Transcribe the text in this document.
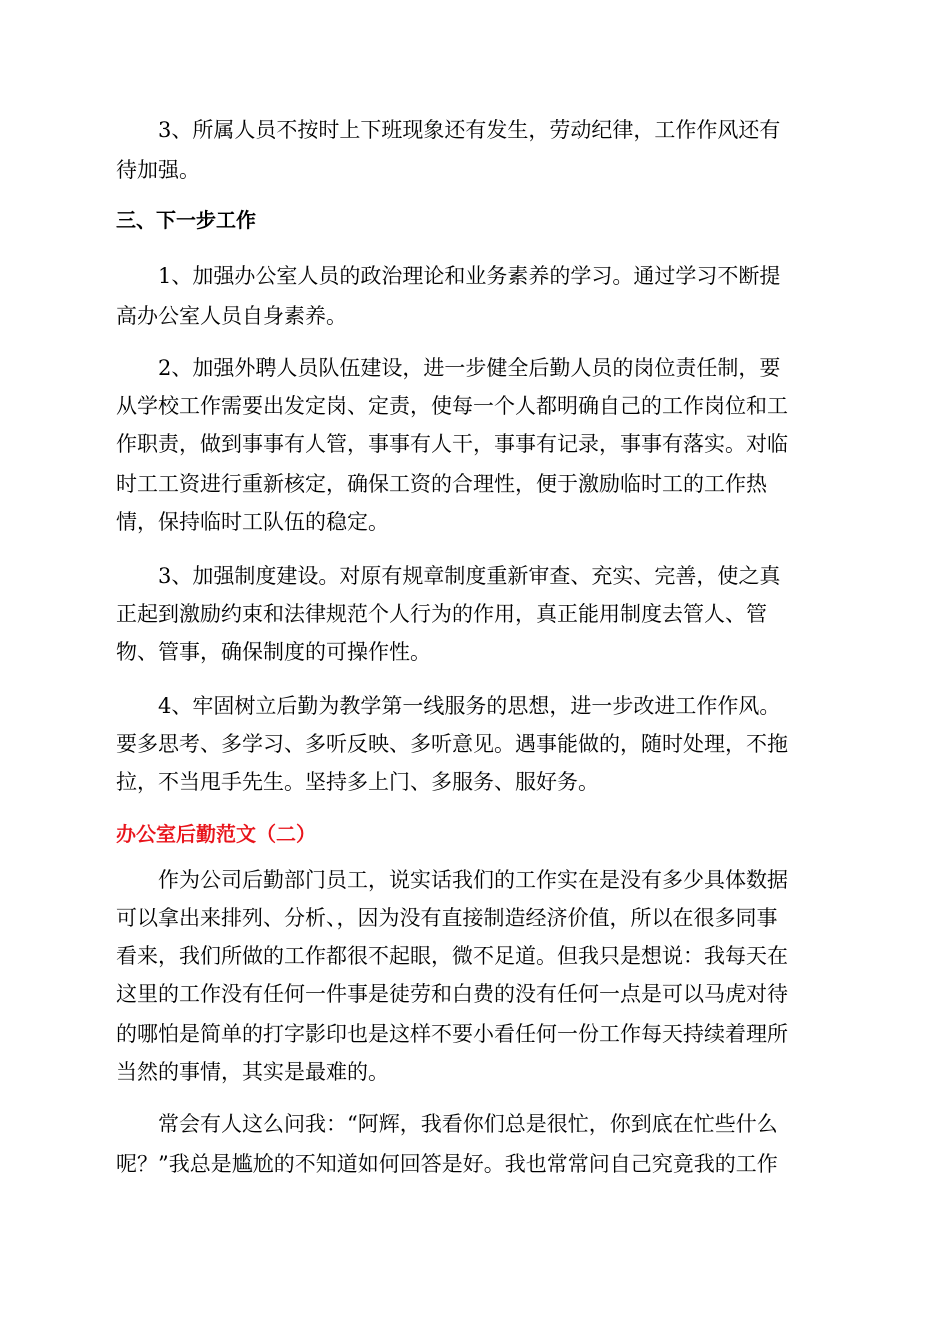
3、所属人员不按时上下班现象还有发生，劳动纪律，工作作风还有
待加强。
三、下一步工作
1、加强办公室人员的政治理论和业务素养的学习。通过学习不断提
高办公室人员自身素养。
2、加强外聘人员队伍建设，进一步健全后勤人员的岗位责任制，要
从学校工作需要出发定岗、定责，使每一个人都明确自己的工作岗位和工
作职责，做到事事有人管，事事有人干，事事有记录，事事有落实。对临
时工工资进行重新核定，确保工资的合理性，便于激励临时工的工作热
情，保持临时工队伍的稳定。
3、加强制度建设。对原有规章制度重新审查、充实、完善，使之真
正起到激励约束和法律规范个人行为的作用，真正能用制度去管人、管
物、管事，确保制度的可操作性。
4、牢固树立后勤为教学第一线服务的思想，进一步改进工作作风。
要多思考、多学习、多听反映、多听意见。遇事能做的，随时处理，不拖
拉，不当甩手先生。坚持多上门、多服务、服好务。
办公室后勤范文（二）
作为公司后勤部门员工，说实话我们的工作实在是没有多少具体数据
可以拿出来排列、分析、，因为没有直接制造经济价值，所以在很多同事
看来，我们所做的工作都很不起眼，微不足道。但我只是想说：我每天在
这里的工作没有任何一件事是徒劳和白费的没有任何一点是可以马虎对待
的哪怕是简单的打字影印也是这样不要小看任何一份工作每天持续着理所
当然的事情，其实是最难的。
常会有人这么问我：“阿辉，我看你们总是很忙，你到底在忙些什么
呢？”我总是尴尬的不知道如何回答是好。我也常常问自己究竟我的工作
